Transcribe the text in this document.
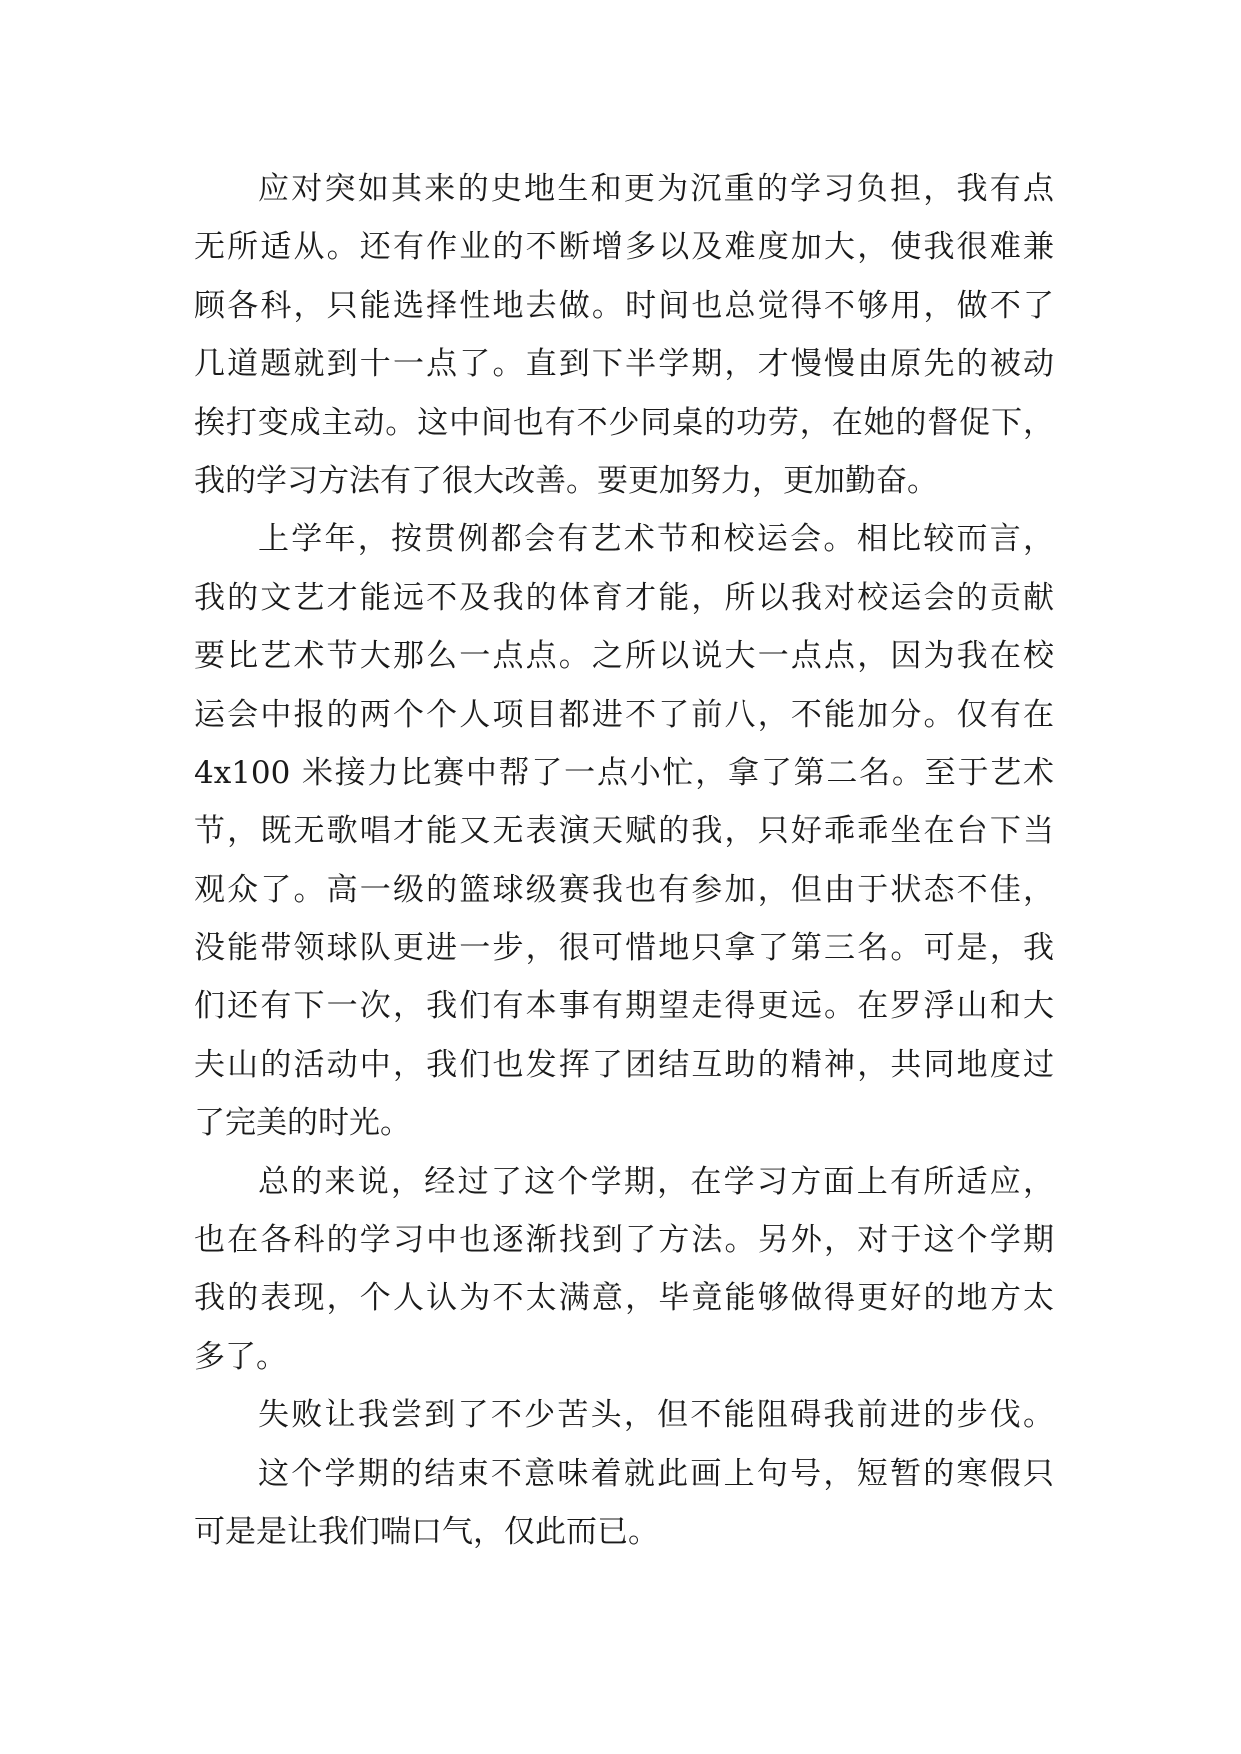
应对突如其来的史地生和更为沉重的学习负担，我有点
无所适从。还有作业的不断增多以及难度加大，使我很难兼
顾各科，只能选择性地去做。时间也总觉得不够用，做不了
几道题就到十一点了。直到下半学期，才慢慢由原先的被动
挨打变成主动。这中间也有不少同桌的功劳，在她的督促下，
我的学习方法有了很大改善。要更加努力，更加勤奋。
上学年，按贯例都会有艺术节和校运会。相比较而言，
我的文艺才能远不及我的体育才能，所以我对校运会的贡献
要比艺术节大那么一点点。之所以说大一点点，因为我在校
运会中报的两个个人项目都进不了前八，不能加分。仅有在
4x100 米接力比赛中帮了一点小忙，拿了第二名。至于艺术
节，既无歌唱才能又无表演天赋的我，只好乖乖坐在台下当
观众了。高一级的篮球级赛我也有参加，但由于状态不佳，
没能带领球队更进一步，很可惜地只拿了第三名。可是，我
们还有下一次，我们有本事有期望走得更远。在罗浮山和大
夫山的活动中，我们也发挥了团结互助的精神，共同地度过
了完美的时光。
总的来说，经过了这个学期，在学习方面上有所适应，
也在各科的学习中也逐渐找到了方法。另外，对于这个学期
我的表现，个人认为不太满意，毕竟能够做得更好的地方太
多了。
失败让我尝到了不少苦头，但不能阻碍我前进的步伐。
这个学期的结束不意味着就此画上句号，短暂的寒假只
可是是让我们喘口气，仅此而已。
